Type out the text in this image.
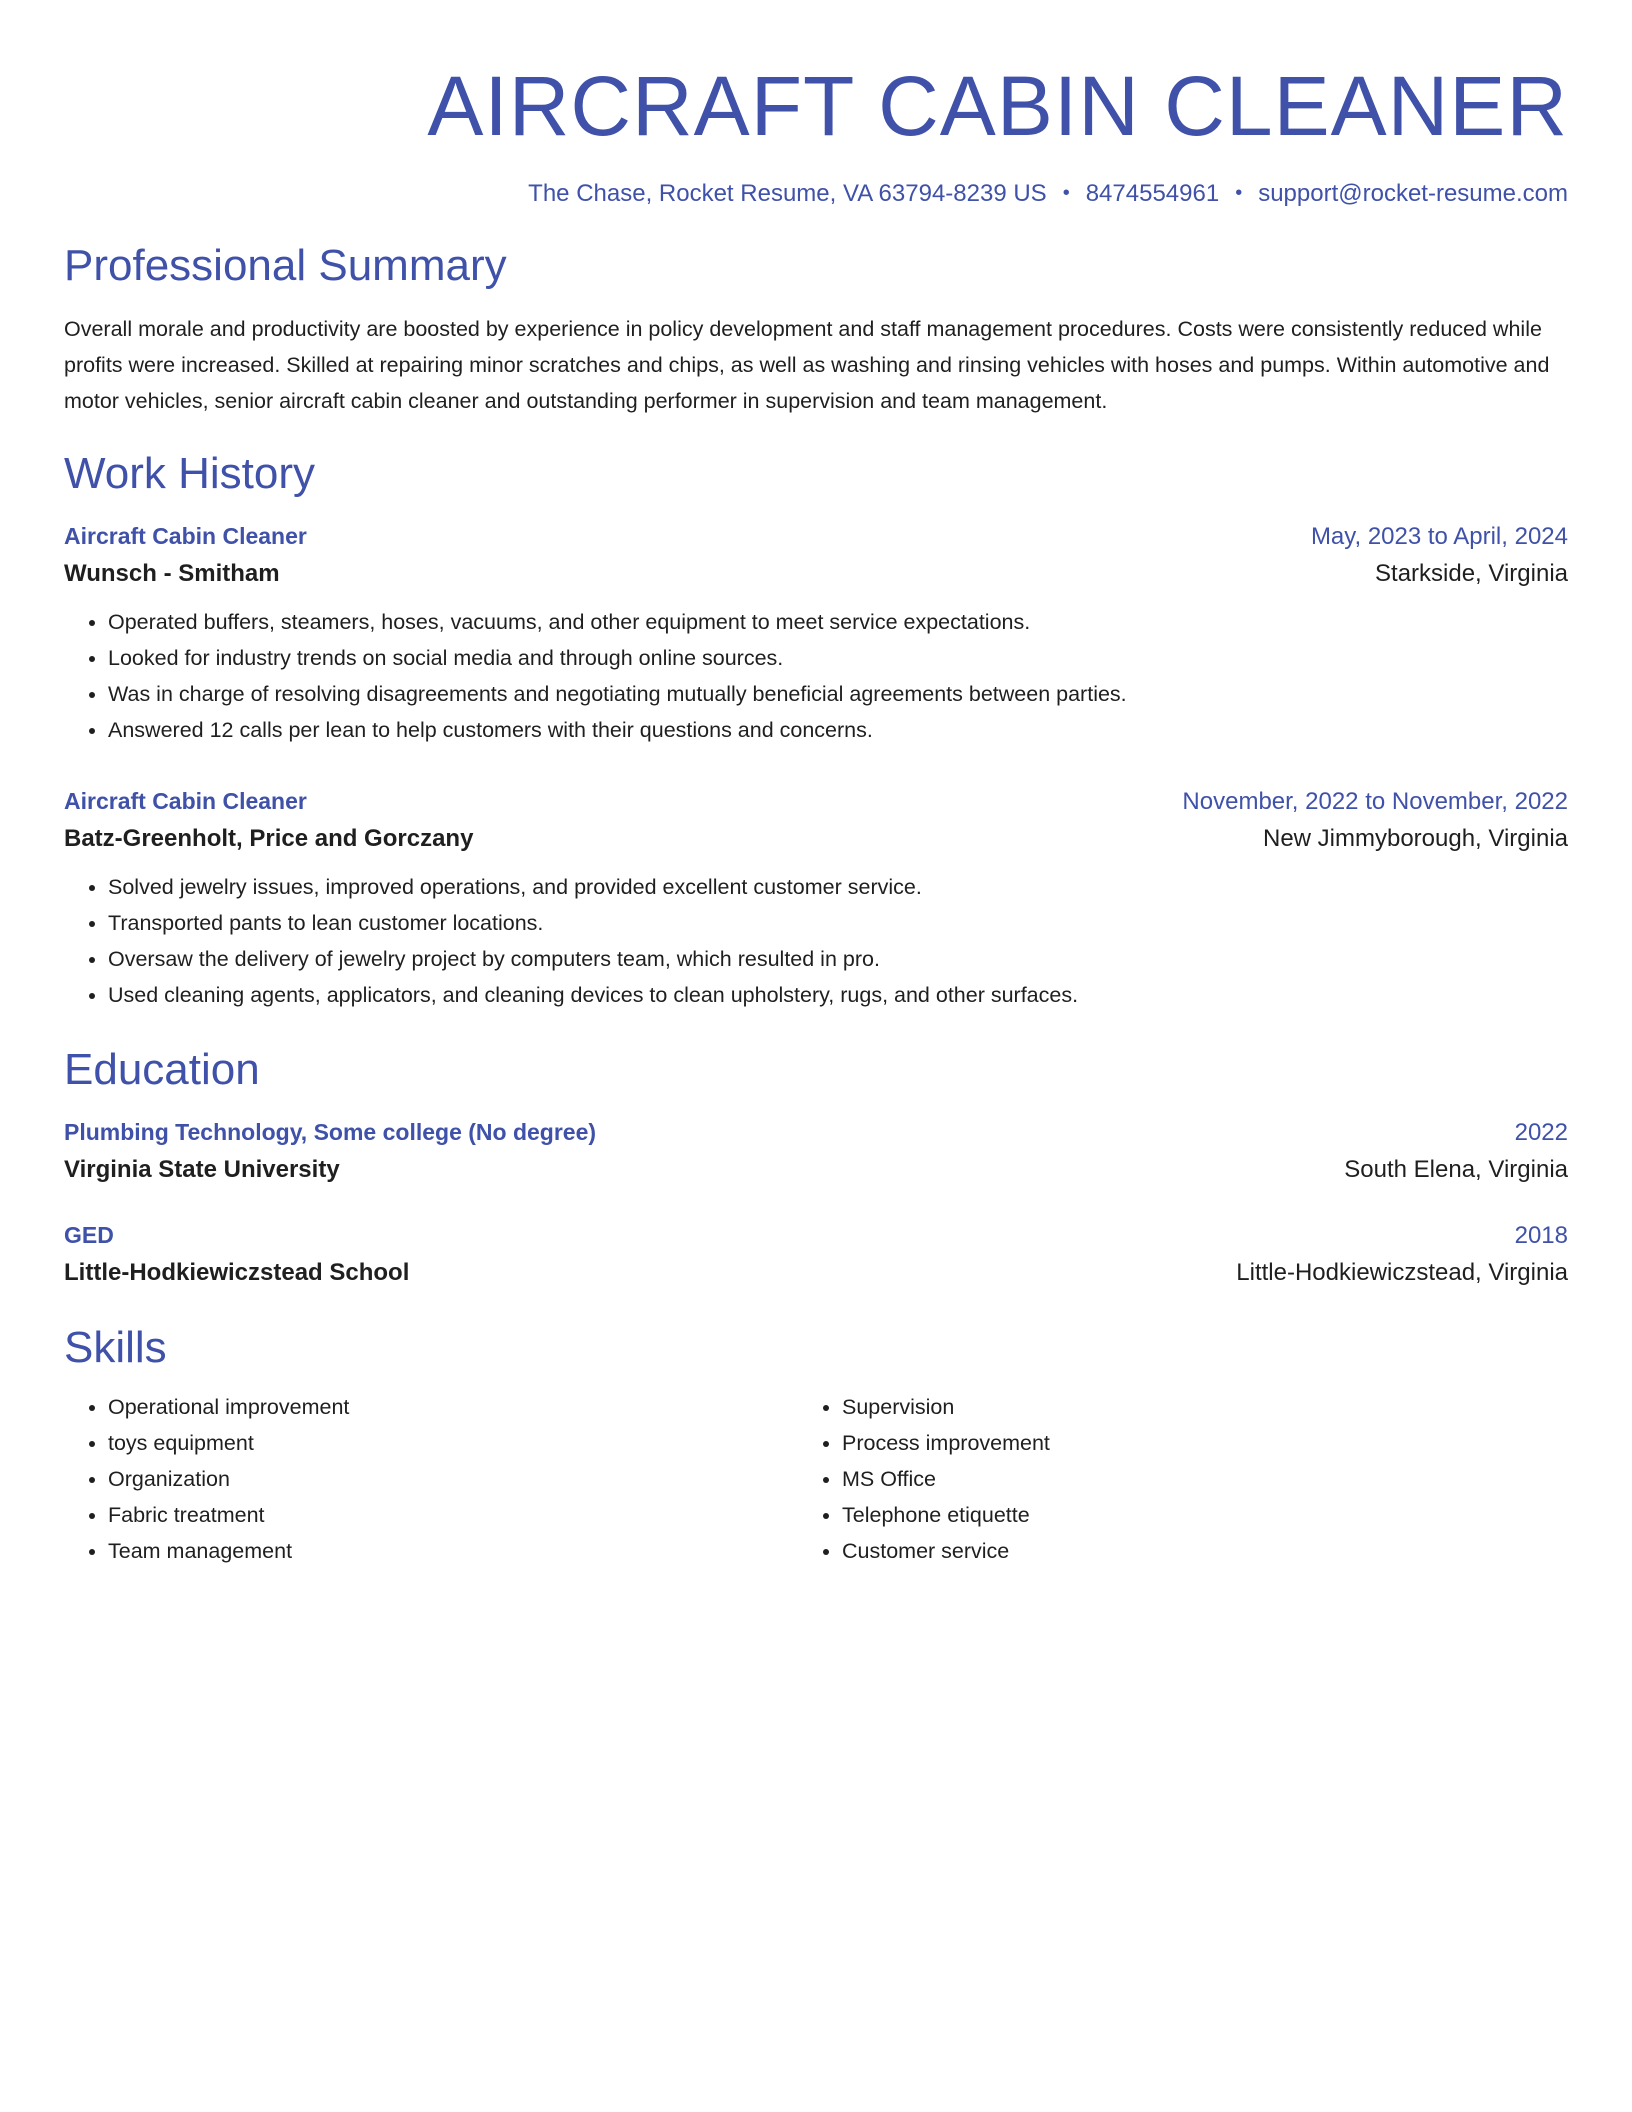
AIRCRAFT CABIN CLEANER
The Chase, Rocket Resume, VA 63794-8239 US • 8474554961 • support@rocket-resume.com
Professional Summary

Overall morale and productivity are boosted by experience in policy development and staff management procedures. Costs were consistently reduced while profits were increased. Skilled at repairing minor scratches and chips, as well as washing and rinsing vehicles with hoses and pumps. Within automotive and motor vehicles, senior aircraft cabin cleaner and outstanding performer in supervision and team management.

Work History
Aircraft Cabin Cleaner	May, 2023 to April, 2024
Wunsch - Smitham	Starkside, Virginia
• Operated buffers, steamers, hoses, vacuums, and other equipment to meet service expectations.
• Looked for industry trends on social media and through online sources.
• Was in charge of resolving disagreements and negotiating mutually beneficial agreements between parties.
• Answered 12 calls per lean to help customers with their questions and concerns.
Aircraft Cabin Cleaner	November, 2022 to November, 2022
Batz-Greenholt, Price and Gorczany	New Jimmyborough, Virginia
• Solved jewelry issues, improved operations, and provided excellent customer service.
• Transported pants to lean customer locations.
• Oversaw the delivery of jewelry project by computers team, which resulted in pro.
• Used cleaning agents, applicators, and cleaning devices to clean upholstery, rugs, and other surfaces.
Education
Plumbing Technology, Some college (No degree)	2022
Virginia State University	South Elena, Virginia
GED	2018
Little-Hodkiewiczstead School	Little-Hodkiewiczstead, Virginia
Skills
• Operational improvement
• toys equipment
• Organization
• Fabric treatment
• Team management
• Supervision
• Process improvement
• MS Office
• Telephone etiquette
• Customer service
